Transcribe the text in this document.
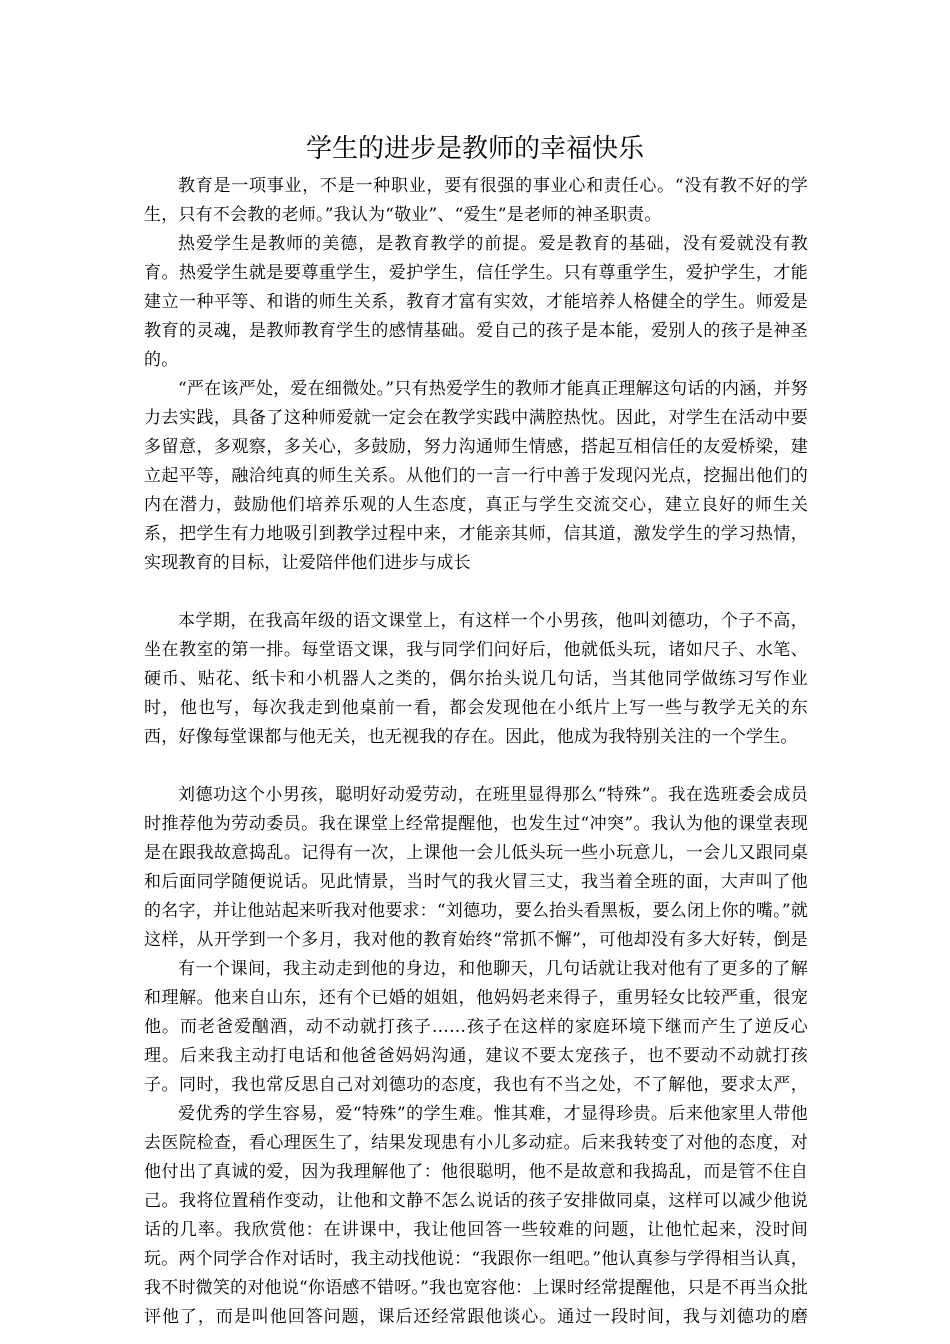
学生的进步是教师的幸福快乐

教育是一项事业，不是一种职业，要有很强的事业心和责任心。“没有教不好的学生，只有不会教的老师。”我认为“敬业”、“爱生”是老师的神圣职责。

热爱学生是教师的美德，是教育教学的前提。爱是教育的基础，没有爱就没有教育。热爱学生就是要尊重学生，爱护学生，信任学生。只有尊重学生，爱护学生，才能建立一种平等、和谐的师生关系，教育才富有实效，才能培养人格健全的学生。师爱是教育的灵魂，是教师教育学生的感情基础。爱自己的孩子是本能，爱别人的孩子是神圣的。

“严在该严处，爱在细微处。”只有热爱学生的教师才能真正理解这句话的内涵，并努力去实践，具备了这种师爱就一定会在教学实践中满腔热忱。因此，对学生在活动中要多留意，多观察，多关心，多鼓励，努力沟通师生情感，搭起互相信任的友爱桥梁，建立起平等，融洽纯真的师生关系。从他们的一言一行中善于发现闪光点，挖掘出他们的内在潜力，鼓励他们培养乐观的人生态度，真正与学生交流交心，建立良好的师生关系，把学生有力地吸引到教学过程中来，才能亲其师，信其道，激发学生的学习热情，实现教育的目标，让爱陪伴他们进步与成长

本学期，在我高年级的语文课堂上，有这样一个小男孩，他叫刘德功，个子不高，坐在教室的第一排。每堂语文课，我与同学们问好后，他就低头玩，诸如尺子、水笔、硬币、贴花、纸卡和小机器人之类的，偶尔抬头说几句话，当其他同学做练习写作业时，他也写，每次我走到他桌前一看，都会发现他在小纸片上写一些与教学无关的东西，好像每堂课都与他无关，也无视我的存在。因此，他成为我特别关注的一个学生。

刘德功这个小男孩，聪明好动爱劳动，在班里显得那么“特殊”。我在选班委会成员时推荐他为劳动委员。我在课堂上经常提醒他，也发生过“冲突”。我认为他的课堂表现是在跟我故意捣乱。记得有一次，上课他一会儿低头玩一些小玩意儿，一会儿又跟同桌和后面同学随便说话。见此情景，当时气的我火冒三丈，我当着全班的面，大声叫了他的名字，并让他站起来听我对他要求：“刘德功，要么抬头看黑板，要么闭上你的嘴。”就这样，从开学到一个多月，我对他的教育始终“常抓不懈”，可他却没有多大好转，倒是

有一个课间，我主动走到他的身边，和他聊天，几句话就让我对他有了更多的了解和理解。他来自山东，还有个已婚的姐姐，他妈妈老来得子，重男轻女比较严重，很宠他。而老爸爱酗酒，动不动就打孩子……孩子在这样的家庭环境下继而产生了逆反心理。后来我主动打电话和他爸爸妈妈沟通，建议不要太宠孩子，也不要动不动就打孩子。同时，我也常反思自己对刘德功的态度，我也有不当之处，不了解他，要求太严，

爱优秀的学生容易，爱“特殊”的学生难。惟其难，才显得珍贵。后来他家里人带他去医院检查，看心理医生了，结果发现患有小儿多动症。后来我转变了对他的态度，对他付出了真诚的爱，因为我理解他了：他很聪明，他不是故意和我捣乱，而是管不住自己。我将位置稍作变动，让他和文静不怎么说话的孩子安排做同桌，这样可以减少他说话的几率。我欣赏他：在讲课中，我让他回答一些较难的问题，让他忙起来，没时间玩。两个同学合作对话时，我主动找他说：“我跟你一组吧。”他认真参与学得相当认真，我不时微笑的对他说“你语感不错呀。”我也宽容他：上课时经常提醒他，只是不再当众批评他了，而是叫他回答问题，课后还经常跟他谈心。通过一段时间，我与刘德功的磨
